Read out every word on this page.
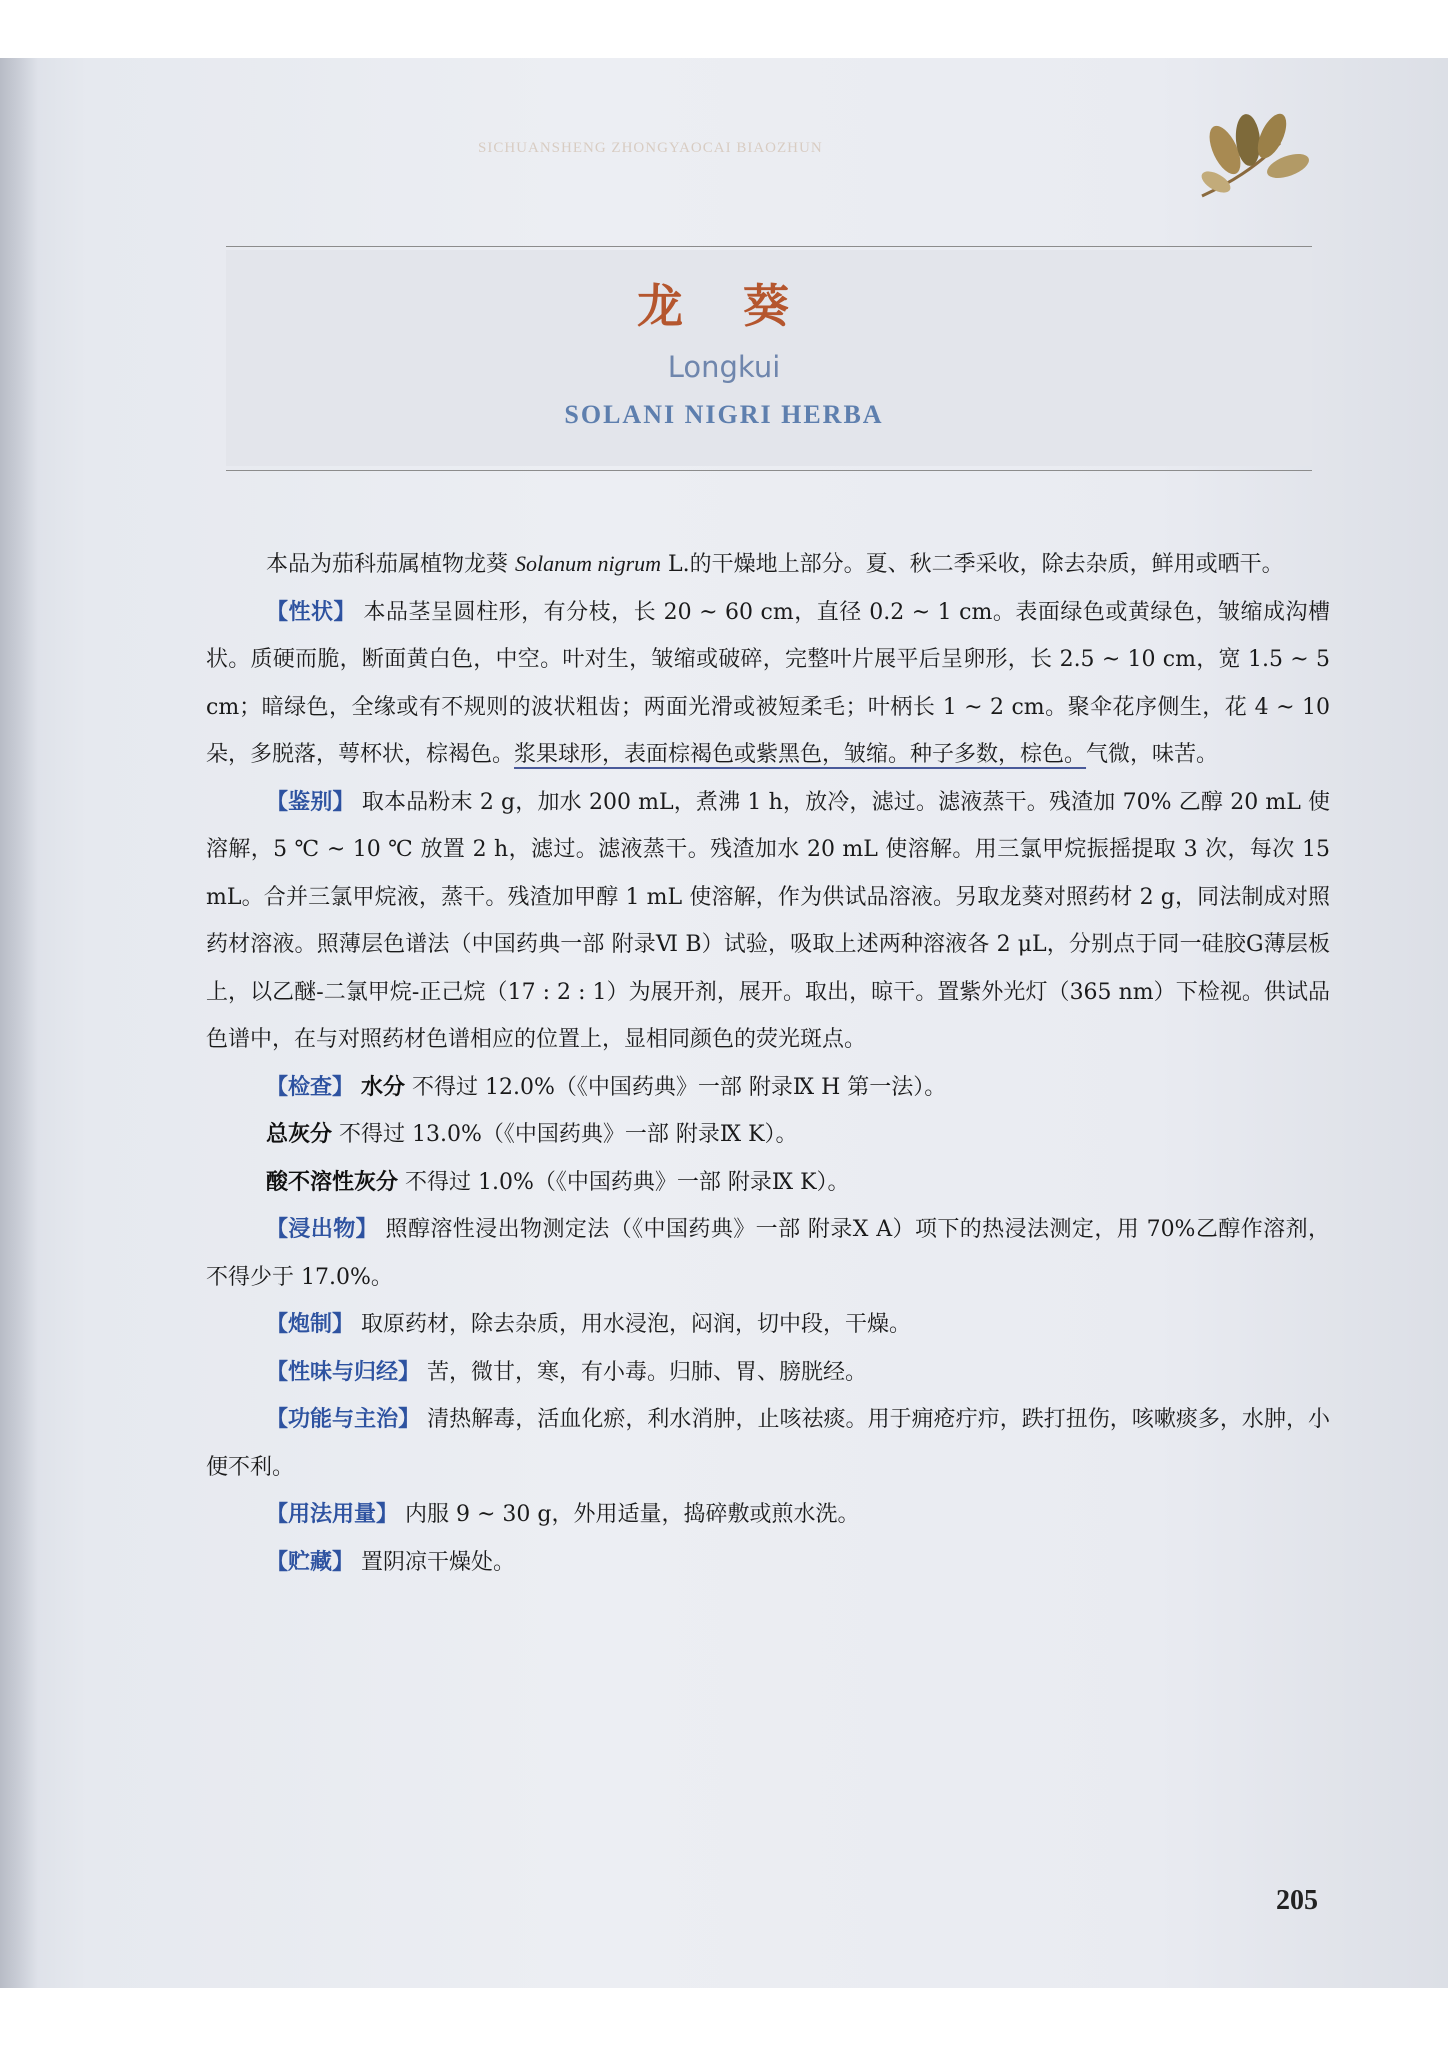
SICHUANSHENG ZHONGYAOCAI BIAOZHUN
龙 葵
Longkui
SOLANI NIGRI HERBA

本品为茄科茄属植物龙葵 Solanum nigrum L.的干燥地上部分。夏、秋二季采收，除去杂质，鲜用或晒干。

【性状】 本品茎呈圆柱形，有分枝，长 20 ~ 60 cm，直径 0.2 ~ 1 cm。表面绿色或黄绿色，皱缩成沟槽状。质硬而脆，断面黄白色，中空。叶对生，皱缩或破碎，完整叶片展平后呈卵形，长 2.5 ~ 10 cm，宽 1.5 ~ 5 cm；暗绿色，全缘或有不规则的波状粗齿；两面光滑或被短柔毛；叶柄长 1 ~ 2 cm。聚伞花序侧生，花 4 ~ 10 朵，多脱落，萼杯状，棕褐色。浆果球形，表面棕褐色或紫黑色，皱缩。种子多数，棕色。气微，味苦。

【鉴别】 取本品粉末 2 g，加水 200 mL，煮沸 1 h，放冷，滤过。滤液蒸干。残渣加 70% 乙醇 20 mL 使溶解，5 ℃ ~ 10 ℃ 放置 2 h，滤过。滤液蒸干。残渣加水 20 mL 使溶解。用三氯甲烷振摇提取 3 次，每次 15 mL。合并三氯甲烷液，蒸干。残渣加甲醇 1 mL 使溶解，作为供试品溶液。另取龙葵对照药材 2 g，同法制成对照药材溶液。照薄层色谱法（中国药典一部 附录Ⅵ B）试验，吸取上述两种溶液各 2 μL，分别点于同一硅胶G薄层板上，以乙醚-二氯甲烷-正己烷（17 : 2 : 1）为展开剂，展开。取出，晾干。置紫外光灯（365 nm）下检视。供试品色谱中，在与对照药材色谱相应的位置上，显相同颜色的荧光斑点。

【检查】 水分 不得过 12.0%（《中国药典》一部 附录Ⅸ H 第一法）。

总灰分 不得过 13.0%（《中国药典》一部 附录Ⅸ K）。

酸不溶性灰分 不得过 1.0%（《中国药典》一部 附录Ⅸ K）。

【浸出物】 照醇溶性浸出物测定法（《中国药典》一部 附录Ⅹ A）项下的热浸法测定，用 70%乙醇作溶剂，不得少于 17.0%。

【炮制】 取原药材，除去杂质，用水浸泡，闷润，切中段，干燥。

【性味与归经】 苦，微甘，寒，有小毒。归肺、胃、膀胱经。

【功能与主治】 清热解毒，活血化瘀，利水消肿，止咳祛痰。用于痈疮疔疖，跌打扭伤，咳嗽痰多，水肿，小便不利。

【用法用量】 内服 9 ~ 30 g，外用适量，捣碎敷或煎水洗。

【贮藏】 置阴凉干燥处。

205
